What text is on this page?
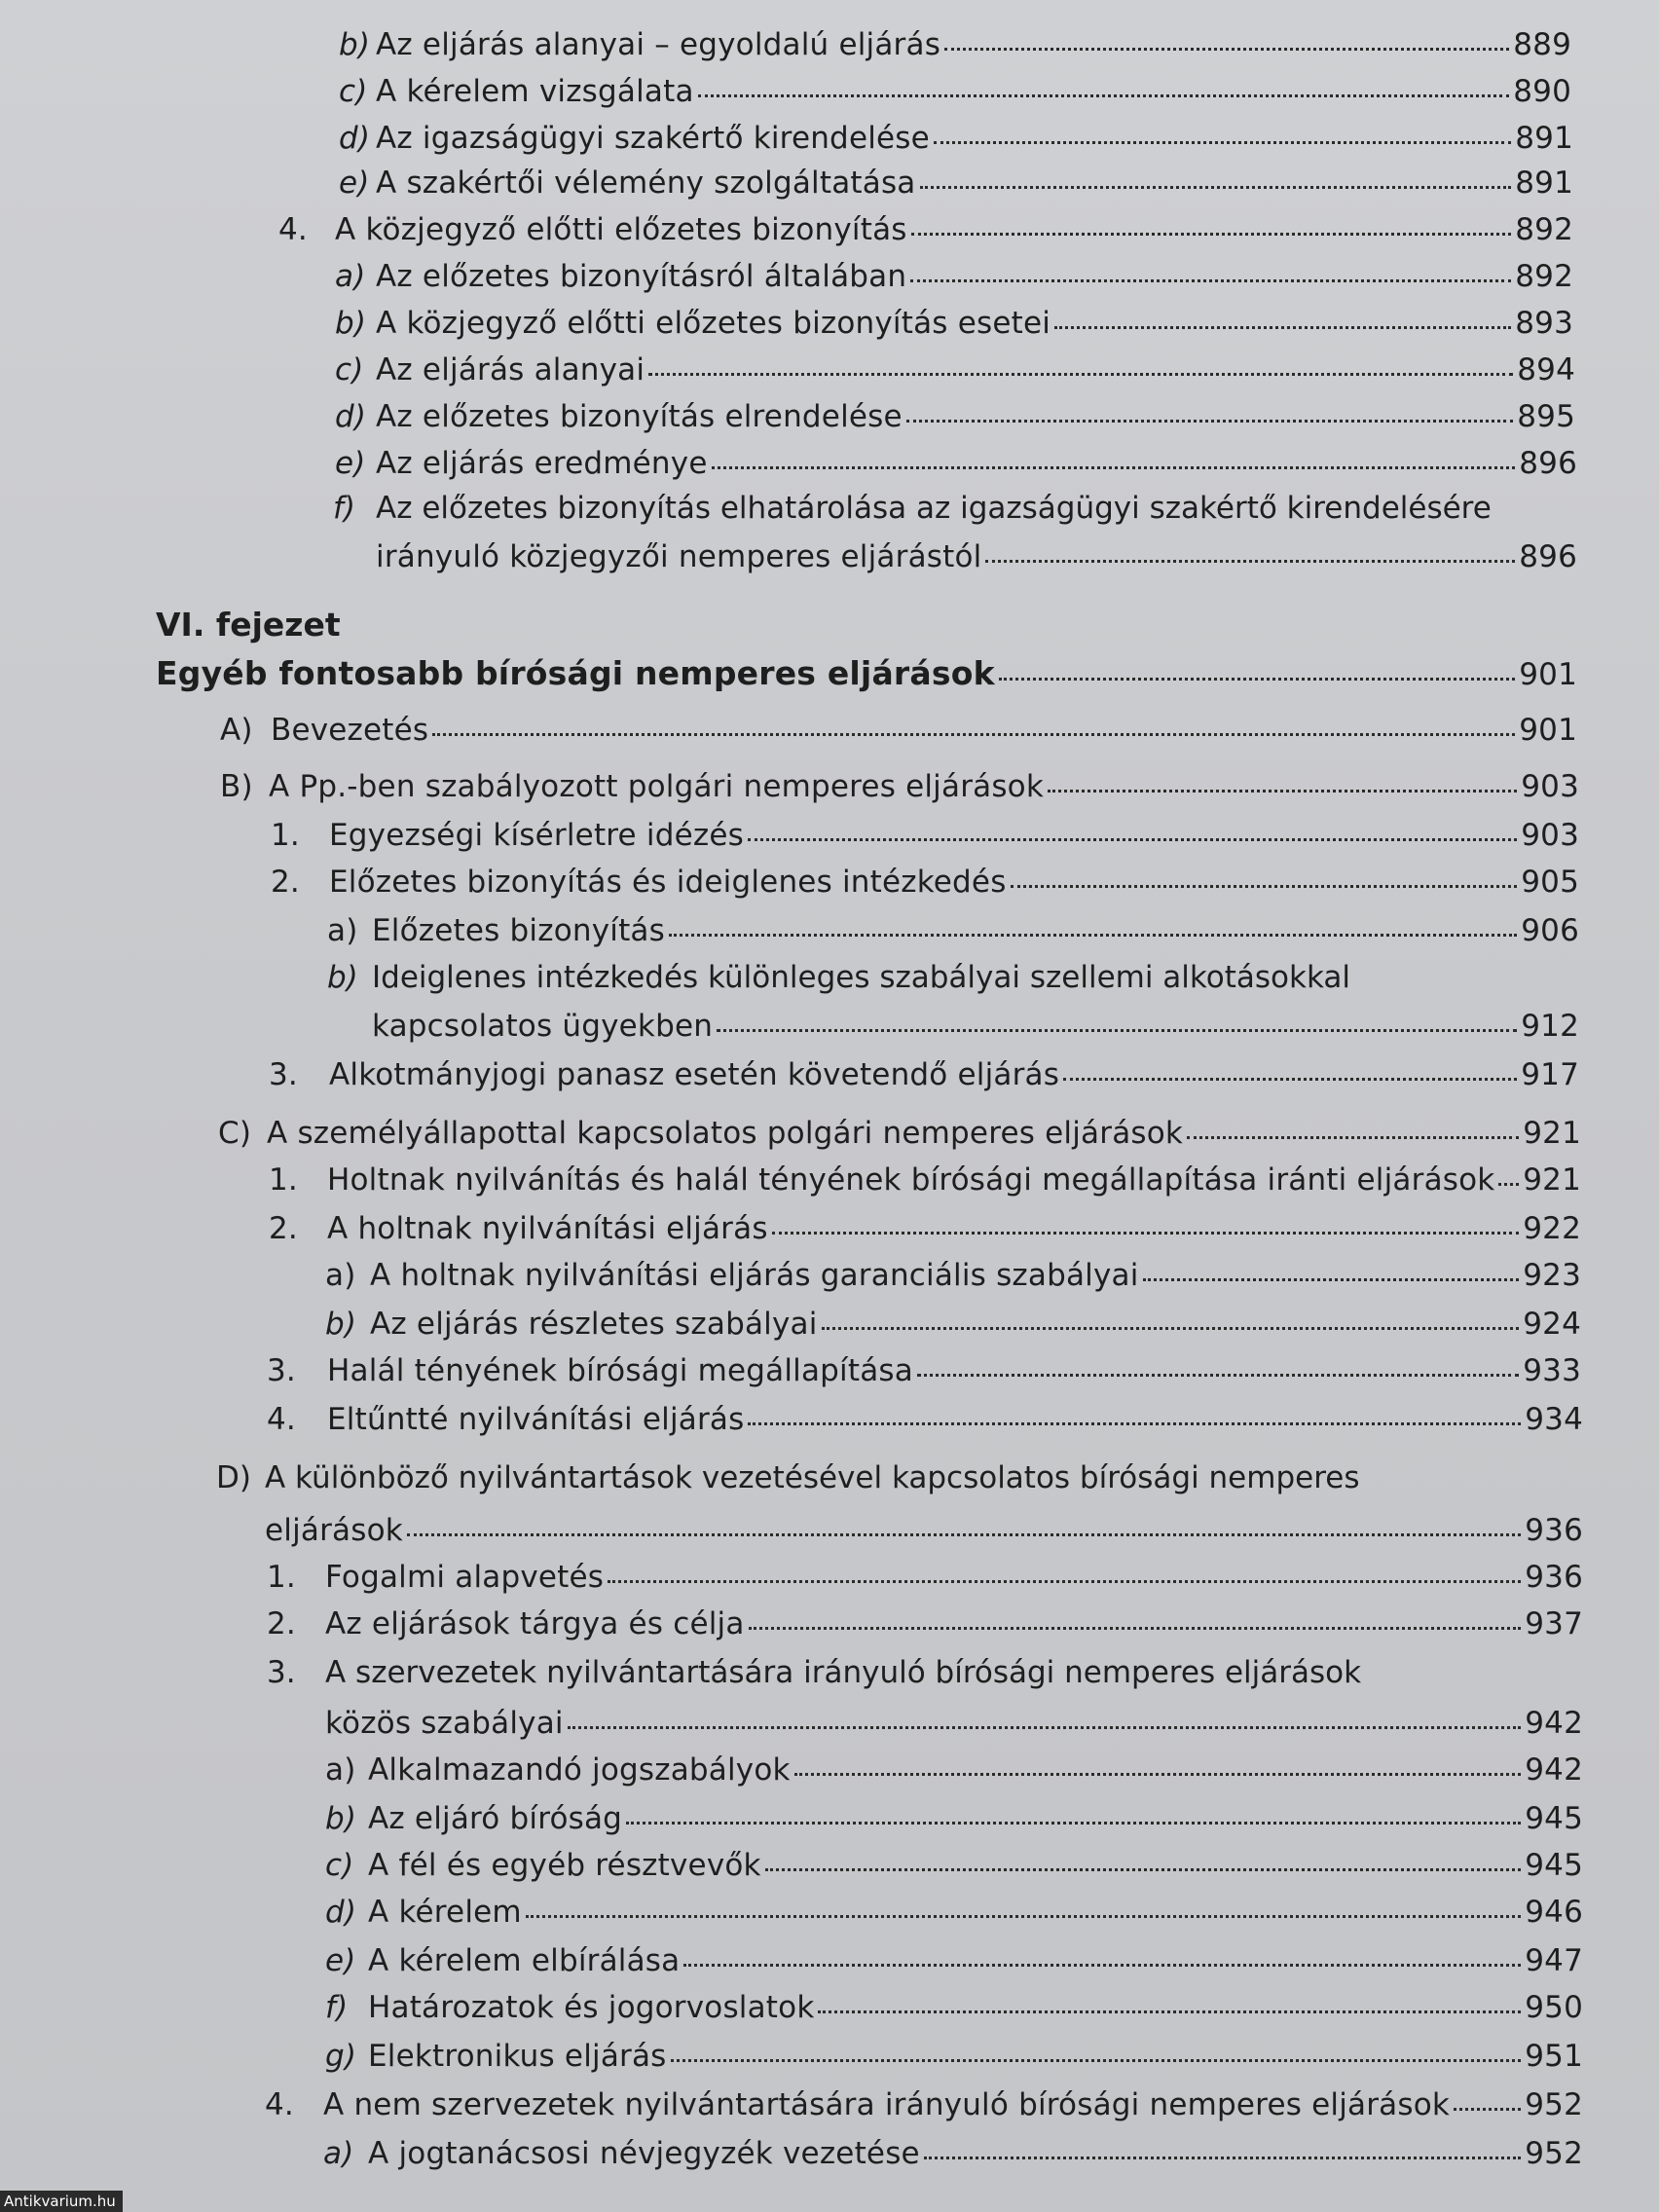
b) Az eljárás alanyai – egyoldalú eljárás	889
c) A kérelem vizsgálata	890
d) Az igazságügyi szakértő kirendelése	891
e) A szakértői vélemény szolgáltatása	891
4. A közjegyző előtti előzetes bizonyítás	892
a) Az előzetes bizonyításról általában	892
b) A közjegyző előtti előzetes bizonyítás esetei	893
c) Az eljárás alanyai	894
d) Az előzetes bizonyítás elrendelése	895
e) Az eljárás eredménye	896
f) Az előzetes bizonyítás elhatárolása az igazságügyi szakértő kirendelésére
irányuló közjegyzői nemperes eljárástól	896
VI. fejezet
Egyéb fontosabb bírósági nemperes eljárások	901
A) Bevezetés	901
B) A Pp.-ben szabályozott polgári nemperes eljárások	903
1. Egyezségi kísérletre idézés	903
2. Előzetes bizonyítás és ideiglenes intézkedés	905
a) Előzetes bizonyítás	906
b) Ideiglenes intézkedés különleges szabályai szellemi alkotásokkal
kapcsolatos ügyekben	912
3.	Alkotmányjogi panasz esetén követendő eljárás	917
C) A személyállapottal kapcsolatos polgári nemperes eljárások	921
1. Holtnak nyilvánítás és halál tényének bírósági megállapítása iránti eljárások 921
2. A holtnak nyilvánítási eljárás	922
a) A holtnak nyilvánítási eljárás garanciális szabályai	923
b) Az eljárás részletes szabályai	924
3.	Halál tényének bírósági megállapítása	933
4.	Eltűntté nyilvánítási eljárás	934
D) A különböző nyilvántartások vezetésével kapcsolatos bírósági nemperes
eljárások	936
1. Fogalmi alapvetés	936
2. Az eljárások tárgya és célja	937
3. A szervezetek nyilvántartására irányuló bírósági nemperes eljárások
közös szabályai	942
a) Alkalmazandó jogszabályok	942
b) Az eljáró bíróság	945
c) A fél és egyéb résztvevők	945
d) A kérelem	946
e) A kérelem elbírálása	947
f) Határozatok és jogorvoslatok	950
g) Elektronikus eljárás	951
4. A nem szervezetek nyilvántartására irányuló bírósági nemperes eljárások 952
a) A jogtanácsosi névjegyzék vezetése	952
Antikvarium.hu
